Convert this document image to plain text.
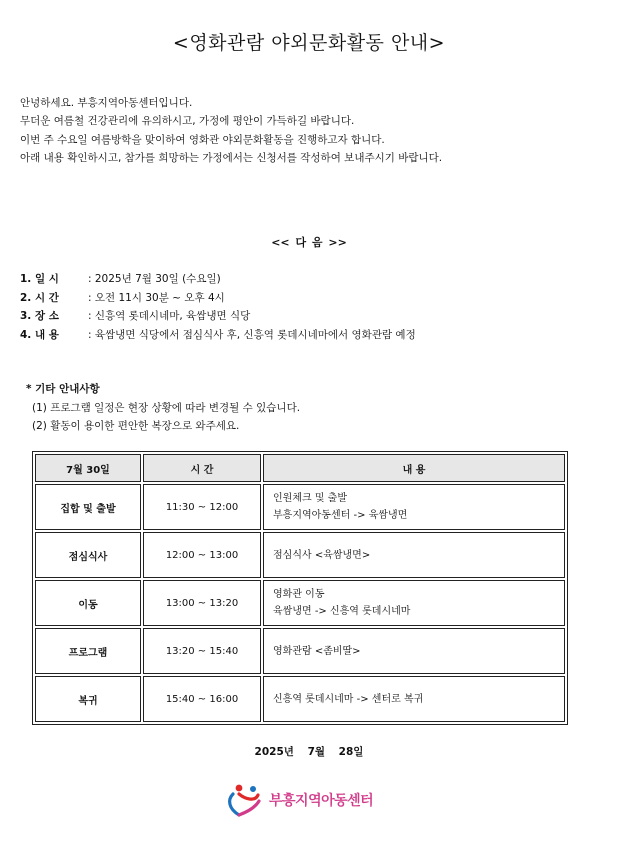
<영화관람 야외문화활동 안내>
안녕하세요. 부흥지역아동센터입니다.
무더운 여름철 건강관리에 유의하시고, 가정에 평안이 가득하길 바랍니다.
이번 주 수요일 여름방학을 맞이하여 영화관 야외문화활동을 진행하고자 합니다.
아래 내용 확인하시고, 참가를 희망하는 가정에서는 신청서를 작성하여 보내주시기 바랍니다.
<< 다 음 >>
1. 일 시	: 2025년 7월 30일 (수요일)
2. 시 간	: 오전 11시 30분 ~ 오후 4시
3. 장 소	: 신흥역 롯데시네마, 육쌈냉면 식당
4. 내 용	: 육쌈냉면 식당에서 점심식사 후, 신흥역 롯데시네마에서 영화관람 예정
* 기타 안내사항
(1) 프로그램 일정은 현장 상황에 따라 변경될 수 있습니다.
(2) 활동이 용이한 편안한 복장으로 와주세요.
7월 30일	시 간	내 용
집합 및 출발	11:30 ~ 12:00	인원체크 및 출발
부흥지역아동센터 -> 육쌈냉면

점심식사	12:00 ~ 13:00	점심식사 <육쌈냉면>

이동	13:00 ~ 13:20	영화관 이동
육쌈냉면 -> 신흥역 롯데시네마

프로그램	13:20 ~ 15:40	영화관람 <좀비딸>

복귀	15:40 ~ 16:00	신흥역 롯데시네마 -> 센터로 복귀
2025년 7월 28일
부흥지역아동센터
